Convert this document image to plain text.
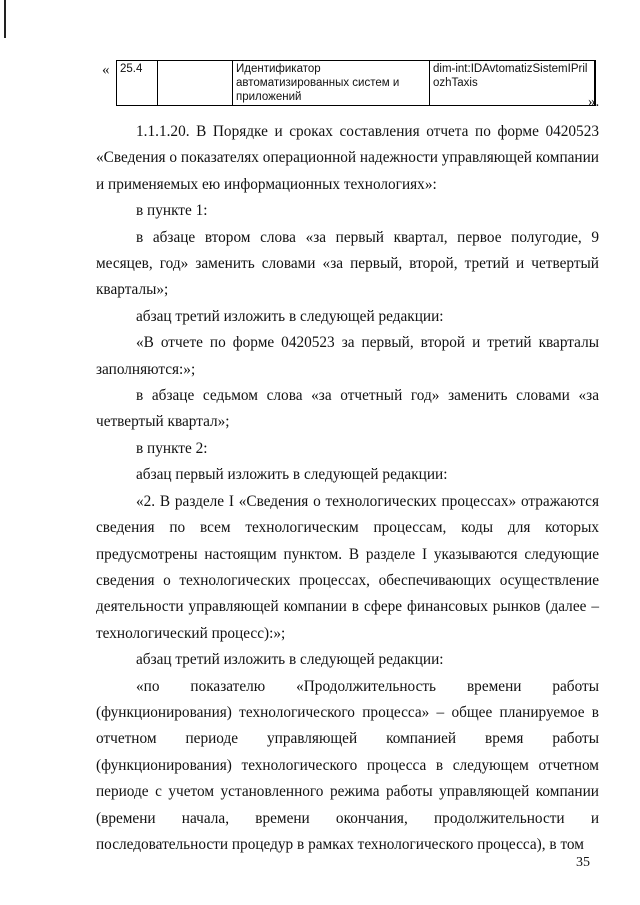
« 25.4		Идентификатор автоматизированных систем и приложений	dim-int:IDAvtomatizSistemIPrilozhTaxis
».

1.1.1.20. В Порядке и сроках составления отчета по форме 0420523 «Сведения о показателях операционной надежности управляющей компании и применяемых ею информационных технологиях»:

в пункте 1:

в абзаце втором слова «за первый квартал, первое полугодие, 9 месяцев, год» заменить словами «за первый, второй, третий и четвертый кварталы»;

абзац третий изложить в следующей редакции:

«В отчете по форме 0420523 за первый, второй и третий кварталы заполняются:»;

в абзаце седьмом слова «за отчетный год» заменить словами «за четвертый квартал»;

в пункте 2:

абзац первый изложить в следующей редакции:

«2. В разделе I «Сведения о технологических процессах» отражаются сведения по всем технологическим процессам, коды для которых предусмотрены настоящим пунктом. В разделе I указываются следующие сведения о технологических процессах, обеспечивающих осуществление деятельности управляющей компании в сфере финансовых рынков (далее – технологический процесс):»;

абзац третий изложить в следующей редакции:

«по показателю «Продолжительность времени работы (функционирования) технологического процесса» – общее планируемое в отчетном периоде управляющей компанией время работы (функционирования) технологического процесса в следующем отчетном периоде с учетом установленного режима работы управляющей компании (времени начала, времени окончания, продолжительности и последовательности процедур в рамках технологического процесса), в том

35
